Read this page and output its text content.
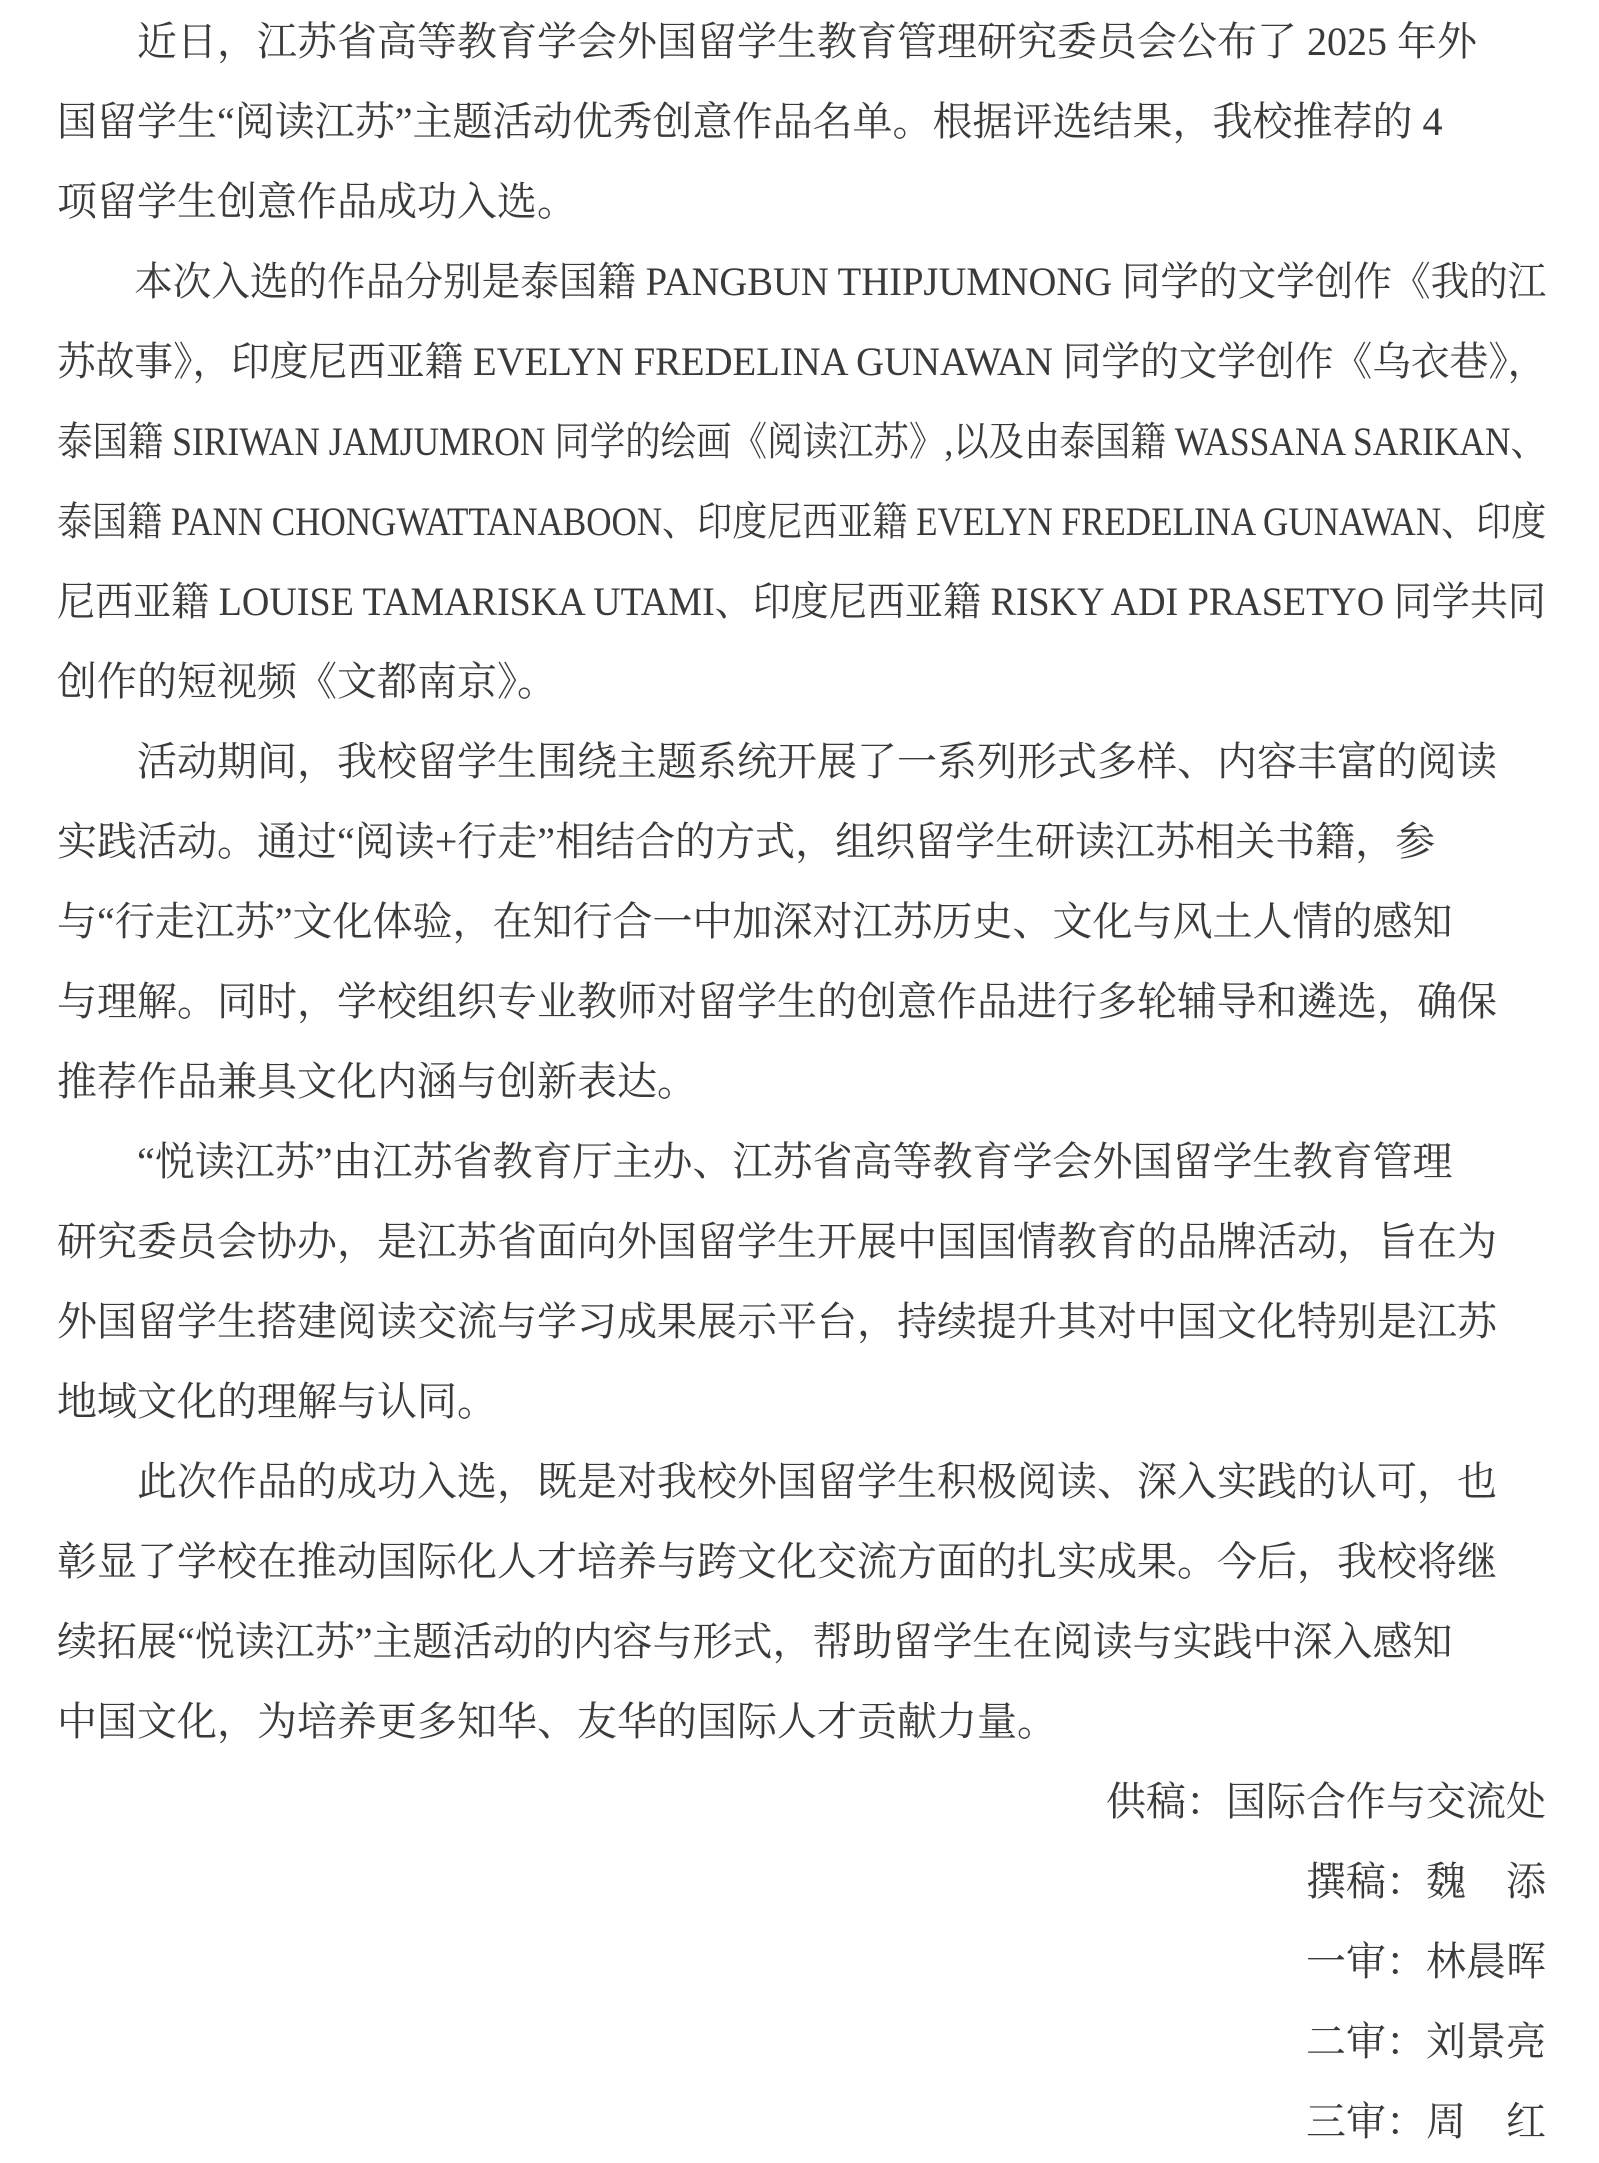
近日，江苏省高等教育学会外国留学生教育管理研究委员会公布了 2025 年外
国留学生“阅读江苏”主题活动优秀创意作品名单。根据评选结果，我校推荐的 4
项留学生创意作品成功入选。
本次入选的作品分别是泰国籍 PANGBUN THIPJUMNONG 同学的文学创作《我的江
苏故事》，印度尼西亚籍 EVELYN FREDELINA GUNAWAN 同学的文学创作《乌衣巷》，
泰国籍 SIRIWAN JAMJUMRON 同学的绘画《阅读江苏》,以及由泰国籍 WASSANA SARIKAN、
泰国籍 PANN CHONGWATTANABOON、印度尼西亚籍 EVELYN FREDELINA GUNAWAN、印度
尼西亚籍 LOUISE TAMARISKA UTAMI、印度尼西亚籍 RISKY ADI PRASETYO 同学共同
创作的短视频《文都南京》。
活动期间，我校留学生围绕主题系统开展了一系列形式多样、内容丰富的阅读
实践活动。通过“阅读+行走”相结合的方式，组织留学生研读江苏相关书籍，参
与“行走江苏”文化体验，在知行合一中加深对江苏历史、文化与风土人情的感知
与理解。同时，学校组织专业教师对留学生的创意作品进行多轮辅导和遴选，确保
推荐作品兼具文化内涵与创新表达。
“悦读江苏”由江苏省教育厅主办、江苏省高等教育学会外国留学生教育管理
研究委员会协办，是江苏省面向外国留学生开展中国国情教育的品牌活动，旨在为
外国留学生搭建阅读交流与学习成果展示平台，持续提升其对中国文化特别是江苏
地域文化的理解与认同。
此次作品的成功入选，既是对我校外国留学生积极阅读、深入实践的认可，也
彰显了学校在推动国际化人才培养与跨文化交流方面的扎实成果。今后，我校将继
续拓展“悦读江苏”主题活动的内容与形式，帮助留学生在阅读与实践中深入感知
中国文化，为培养更多知华、友华的国际人才贡献力量。
供稿：国际合作与交流处
撰稿：魏　添
一审：林晨晖
二审：刘景亮
三审：周　红
